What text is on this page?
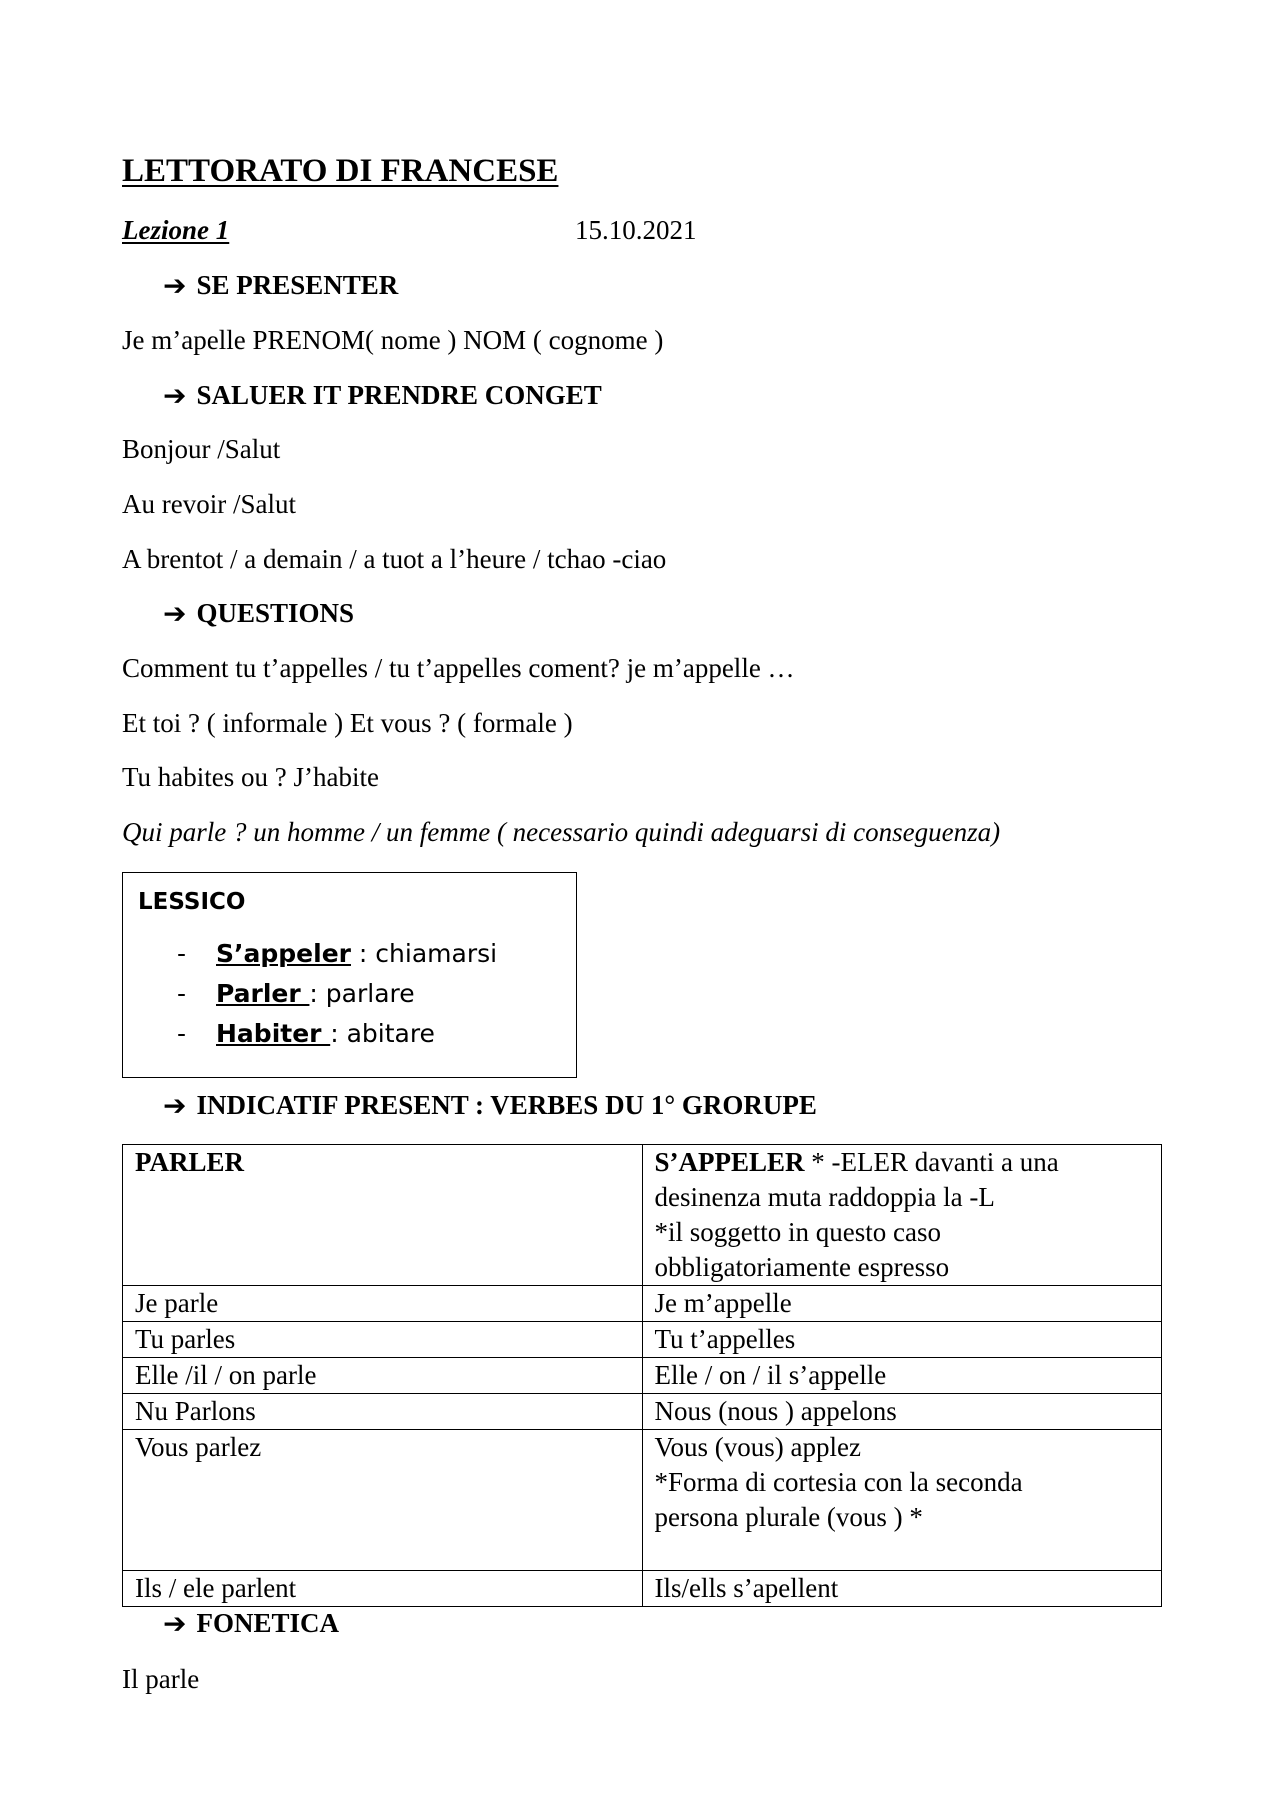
LETTORATO DI FRANCESE
Lezione 1	15.10.2021
➔ SE PRESENTER
Je m’apelle PRENOM( nome ) NOM ( cognome )
➔ SALUER IT PRENDRE CONGET
Bonjour /Salut
Au revoir /Salut
A brentot / a demain / a tuot a l’heure / tchao -ciao
➔ QUESTIONS
Comment tu t’appelles / tu t’appelles coment? je m’appelle …
Et toi ? ( informale ) Et vous ? ( formale )
Tu habites ou ? J’habite
Qui parle ? un homme / un femme ( necessario quindi adeguarsi di conseguenza)
LESSICO
- S’appeler : chiamarsi
- Parler : parlare
- Habiter : abitare
➔ INDICATIF PRESENT : VERBES DU 1° GRORUPE
PARLER	S’APPELER * -ELER davanti a una
desinenza muta raddoppia la -L
*il soggetto in questo caso
obbligatoriamente espresso

Je parle	Je m’appelle
Tu parles	Tu t’appelles
Elle /il / on parle	Elle / on / il s’appelle
Nu Parlons	Nous (nous ) appelons
Vous parlez	Vous (vous) applez
*Forma di cortesia con la seconda
persona plurale (vous ) *

Ils / ele parlent	Ils/ells s’apellent
➔ FONETICA
Il parle
